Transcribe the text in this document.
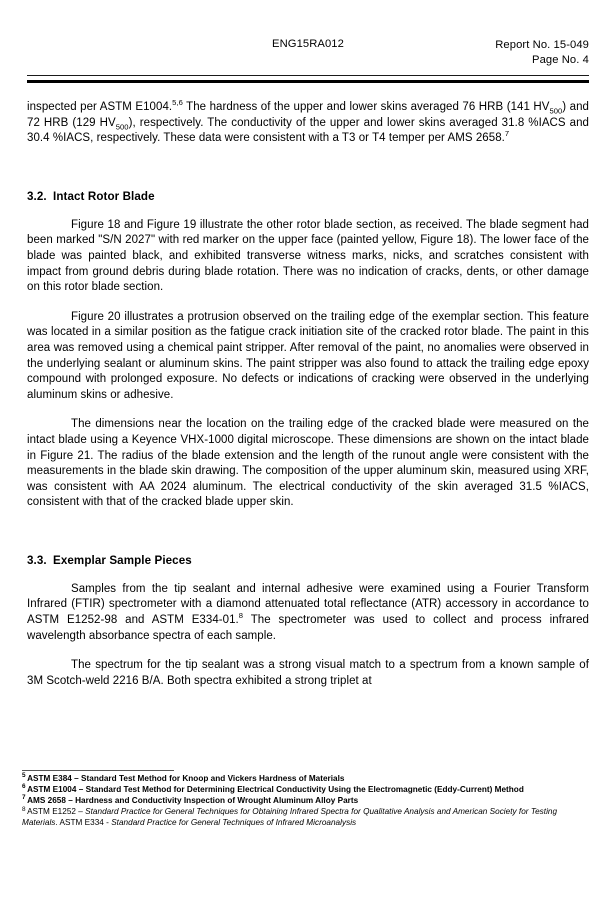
ENG15RA012	Report No. 15-049
Page No. 4

inspected per ASTM E1004.$^{5,6}$ The hardness of the upper and lower skins averaged 76 HRB (141 $HV_{500}$) and 72 HRB (129 $HV_{500}$), respectively. The conductivity of the upper and lower skins averaged 31.8 %IACS and 30.4 %IACS, respectively. These data were consistent with a T3 or T4 temper per AMS 2658.$^7$

3.2. Intact Rotor Blade

Figure 18 and Figure 19 illustrate the other rotor blade section, as received. The blade segment had been marked "S/N 2027" with red marker on the upper face (painted yellow, Figure 18). The lower face of the blade was painted black, and exhibited transverse witness marks, nicks, and scratches consistent with impact from ground debris during blade rotation. There was no indication of cracks, dents, or other damage on this rotor blade section.

Figure 20 illustrates a protrusion observed on the trailing edge of the exemplar section. This feature was located in a similar position as the fatigue crack initiation site of the cracked rotor blade. The paint in this area was removed using a chemical paint stripper. After removal of the paint, no anomalies were observed in the underlying sealant or aluminum skins. The paint stripper was also found to attack the trailing edge epoxy compound with prolonged exposure. No defects or indications of cracking were observed in the underlying aluminum skins or adhesive.

The dimensions near the location on the trailing edge of the cracked blade were measured on the intact blade using a Keyence VHX-1000 digital microscope. These dimensions are shown on the intact blade in Figure 21. The radius of the blade extension and the length of the runout angle were consistent with the measurements in the blade skin drawing. The composition of the upper aluminum skin, measured using XRF, was consistent with AA 2024 aluminum. The electrical conductivity of the skin averaged 31.5 %IACS, consistent with that of the cracked blade upper skin.

3.3. Exemplar Sample Pieces

Samples from the tip sealant and internal adhesive were examined using a Fourier Transform Infrared (FTIR) spectrometer with a diamond attenuated total reflectance (ATR) accessory in accordance to ASTM E1252-98 and ASTM E334-01.$^8$ The spectrometer was used to collect and process infrared wavelength absorbance spectra of each sample.

The spectrum for the tip sealant was a strong visual match to a spectrum from a known sample of 3M Scotch-weld 2216 B/A. Both spectra exhibited a strong triplet at

$^5$ ASTM E384 – Standard Test Method for Knoop and Vickers Hardness of Materials

$^6$ ASTM E1004 – Standard Test Method for Determining Electrical Conductivity Using the Electromagnetic (Eddy-Current) Method

$^7$ AMS 2658 – Hardness and Conductivity Inspection of Wrought Aluminum Alloy Parts

$^8$ ASTM E1252 – Standard Practice for General Techniques for Obtaining Infrared Spectra for Qualitative Analysis and American Society for Testing Materials. ASTM E334 - Standard Practice for General Techniques of Infrared Microanalysis
